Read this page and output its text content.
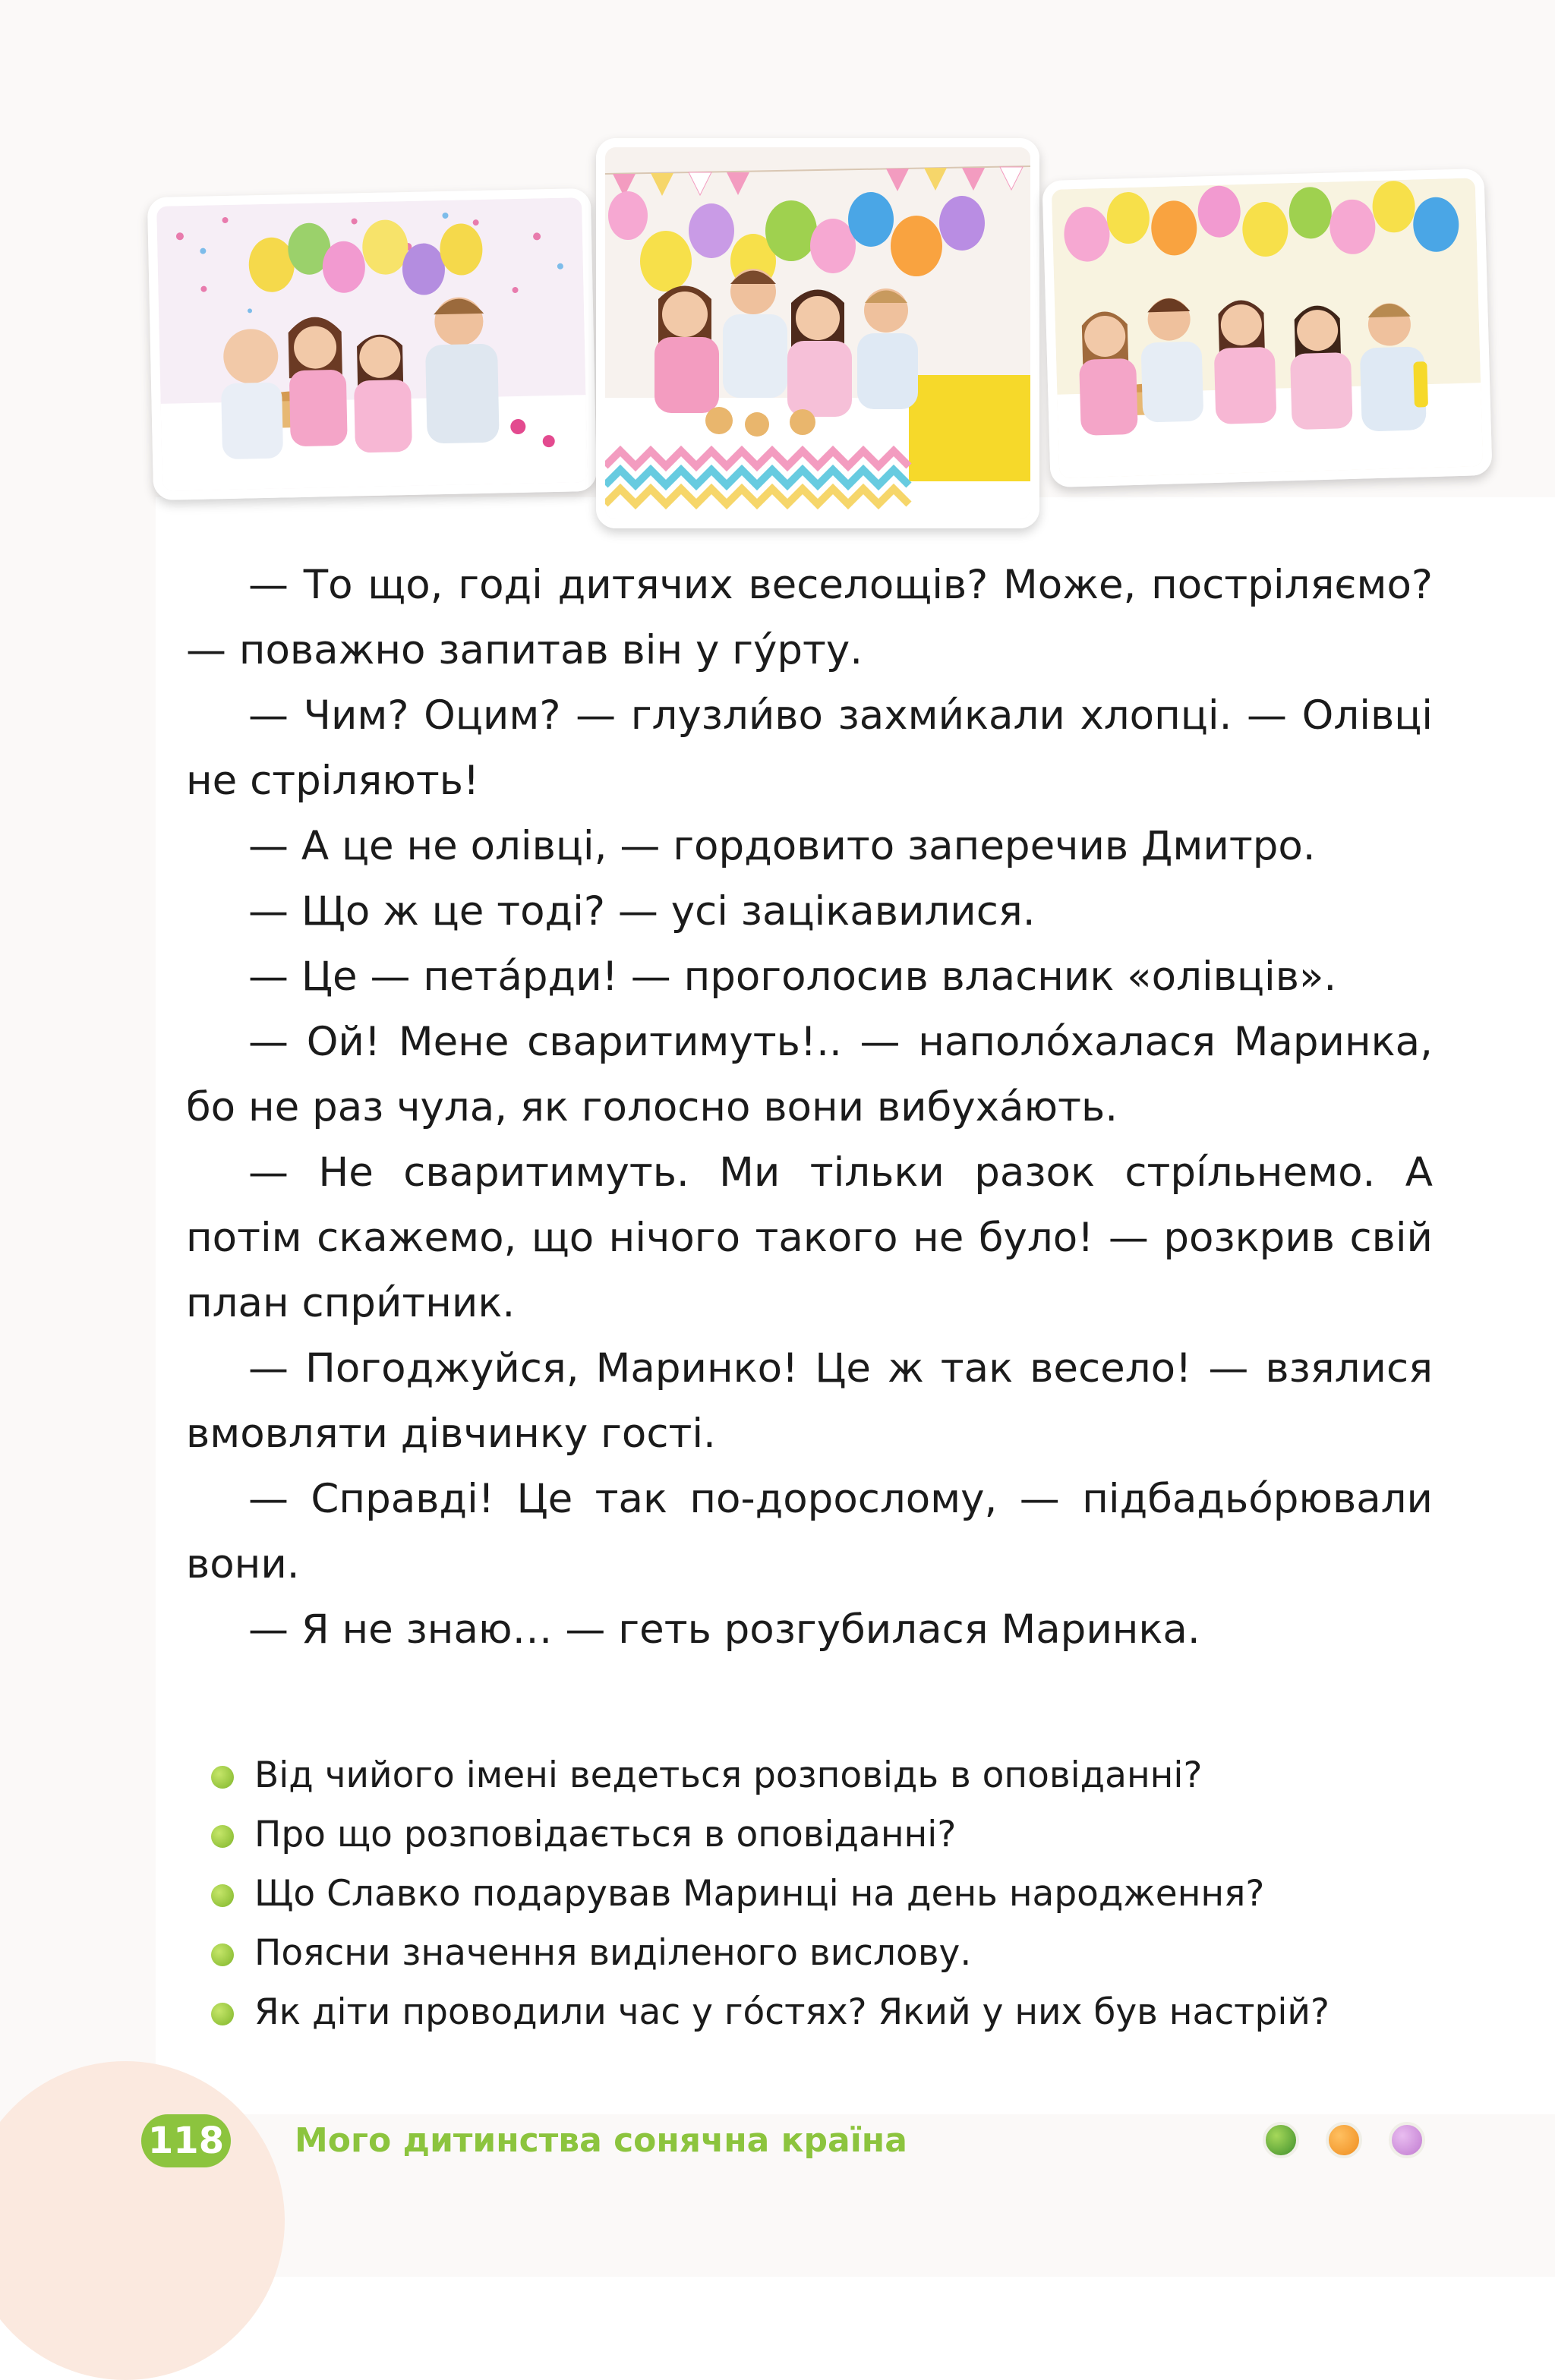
— То що, годі дитячих веселощів? Може, постріляємо? — поважно запитав він у гу́рту.

— Чим? Оцим? — глузли́во захми́кали хлопці. — Олівці не стріляють!

— А це не олівці, — гордовито заперечив Дмитро.

— Що ж це тоді? — усі зацікавилися.

— Це — петáрди! — проголосив власник «олівців».

— Ой! Мене сваритимуть!.. — наполóхалася Маринка, бо не раз чула, як голосно вони вибухáють.

— Не сваритимуть. Ми тільки разок стрі́льнемо. А потім скажемо, що нічого такого не було! — розкрив свій план спри́тник.

— Погоджуйся, Маринко! Це ж так весело! — взялися вмовляти дівчинку гості.

— Справді! Це так по-дорослому, — підбадьóрювали вони.

— Я не знаю… — геть розгубилася Маринка.

Від чийого імені ведеться розповідь в оповіданні?
Про що розповідається в оповіданні?
Що Славко подарував Маринці на день народження?
Поясни значення виділеного вислову.
Як діти проводили час у гóстях? Який у них був настрій?
118 Мого дитинства сонячна країна
